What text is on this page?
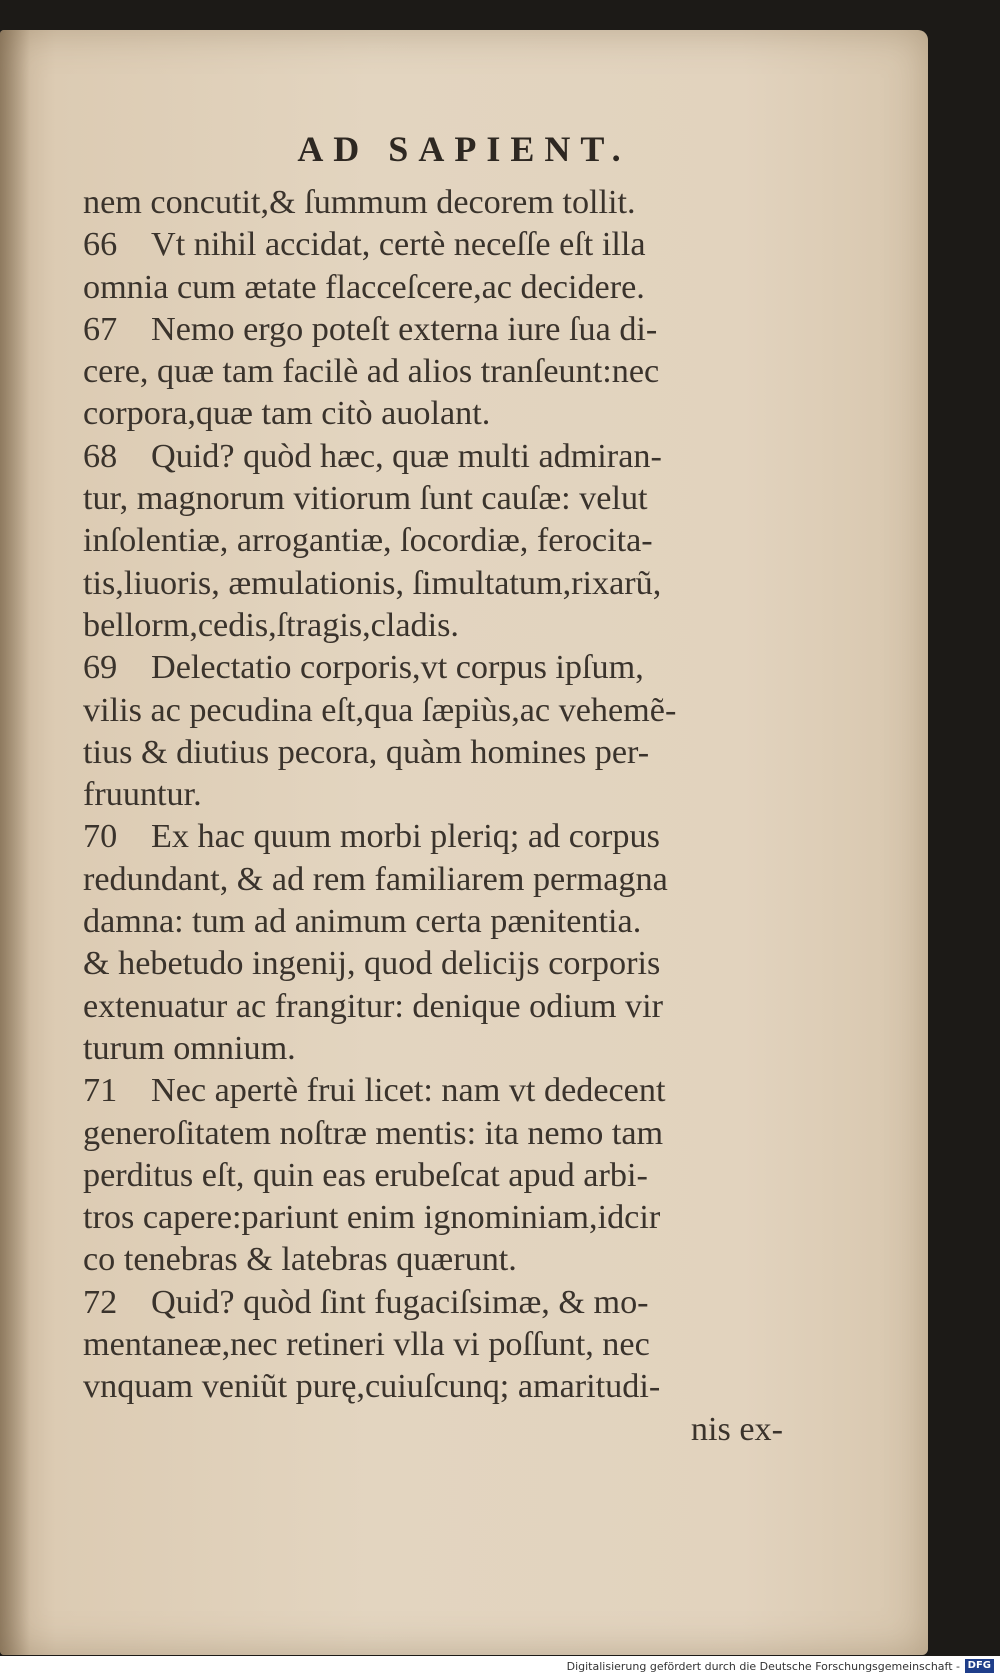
AD SAPIENT.
nem concutit,& ſummum decorem tollit.
66 Vt nihil accidat, certè neceſſe eſt illa
omnia cum ætate flacceſcere,ac decidere.
67 Nemo ergo poteſt externa iure ſua di-
cere, quæ tam facilè ad alios tranſeunt:nec
corpora,quæ tam citò auolant.
68 Quid? quòd hæc, quæ multi admiran-
tur, magnorum vitiorum ſunt cauſæ: velut
inſolentiæ, arrogantiæ, ſocordiæ, ferocita-
tis,liuoris, æmulationis, ſimultatum,rixarũ,
bellorm,cedis,ſtragis,cladis.
69 Delectatio corporis,vt corpus ipſum,
vilis ac pecudina eſt,qua ſæpiùs,ac vehemẽ-
tius & diutius pecora, quàm homines per-
fruuntur.
70 Ex hac quum morbi pleriq; ad corpus
redundant, & ad rem familiarem permagna
damna: tum ad animum certa pænitentia.
& hebetudo ingenij, quod delicijs corporis
extenuatur ac frangitur: denique odium vir
turum omnium.
71 Nec apertè frui licet: nam vt dedecent
generoſitatem noſtræ mentis: ita nemo tam
perditus eſt, quin eas erubeſcat apud arbi-
tros capere:pariunt enim ignominiam,idcir
co tenebras & latebras quærunt.
72 Quid? quòd ſint fugaciſsimæ, & mo-
mentaneæ,nec retineri vlla vi poſſunt, nec
vnquam veniũt purę,cuiuſcunq; amaritudi-
nis ex-
Digitalisierung gefördert durch die Deutsche Forschungsgemeinschaft - DFG
